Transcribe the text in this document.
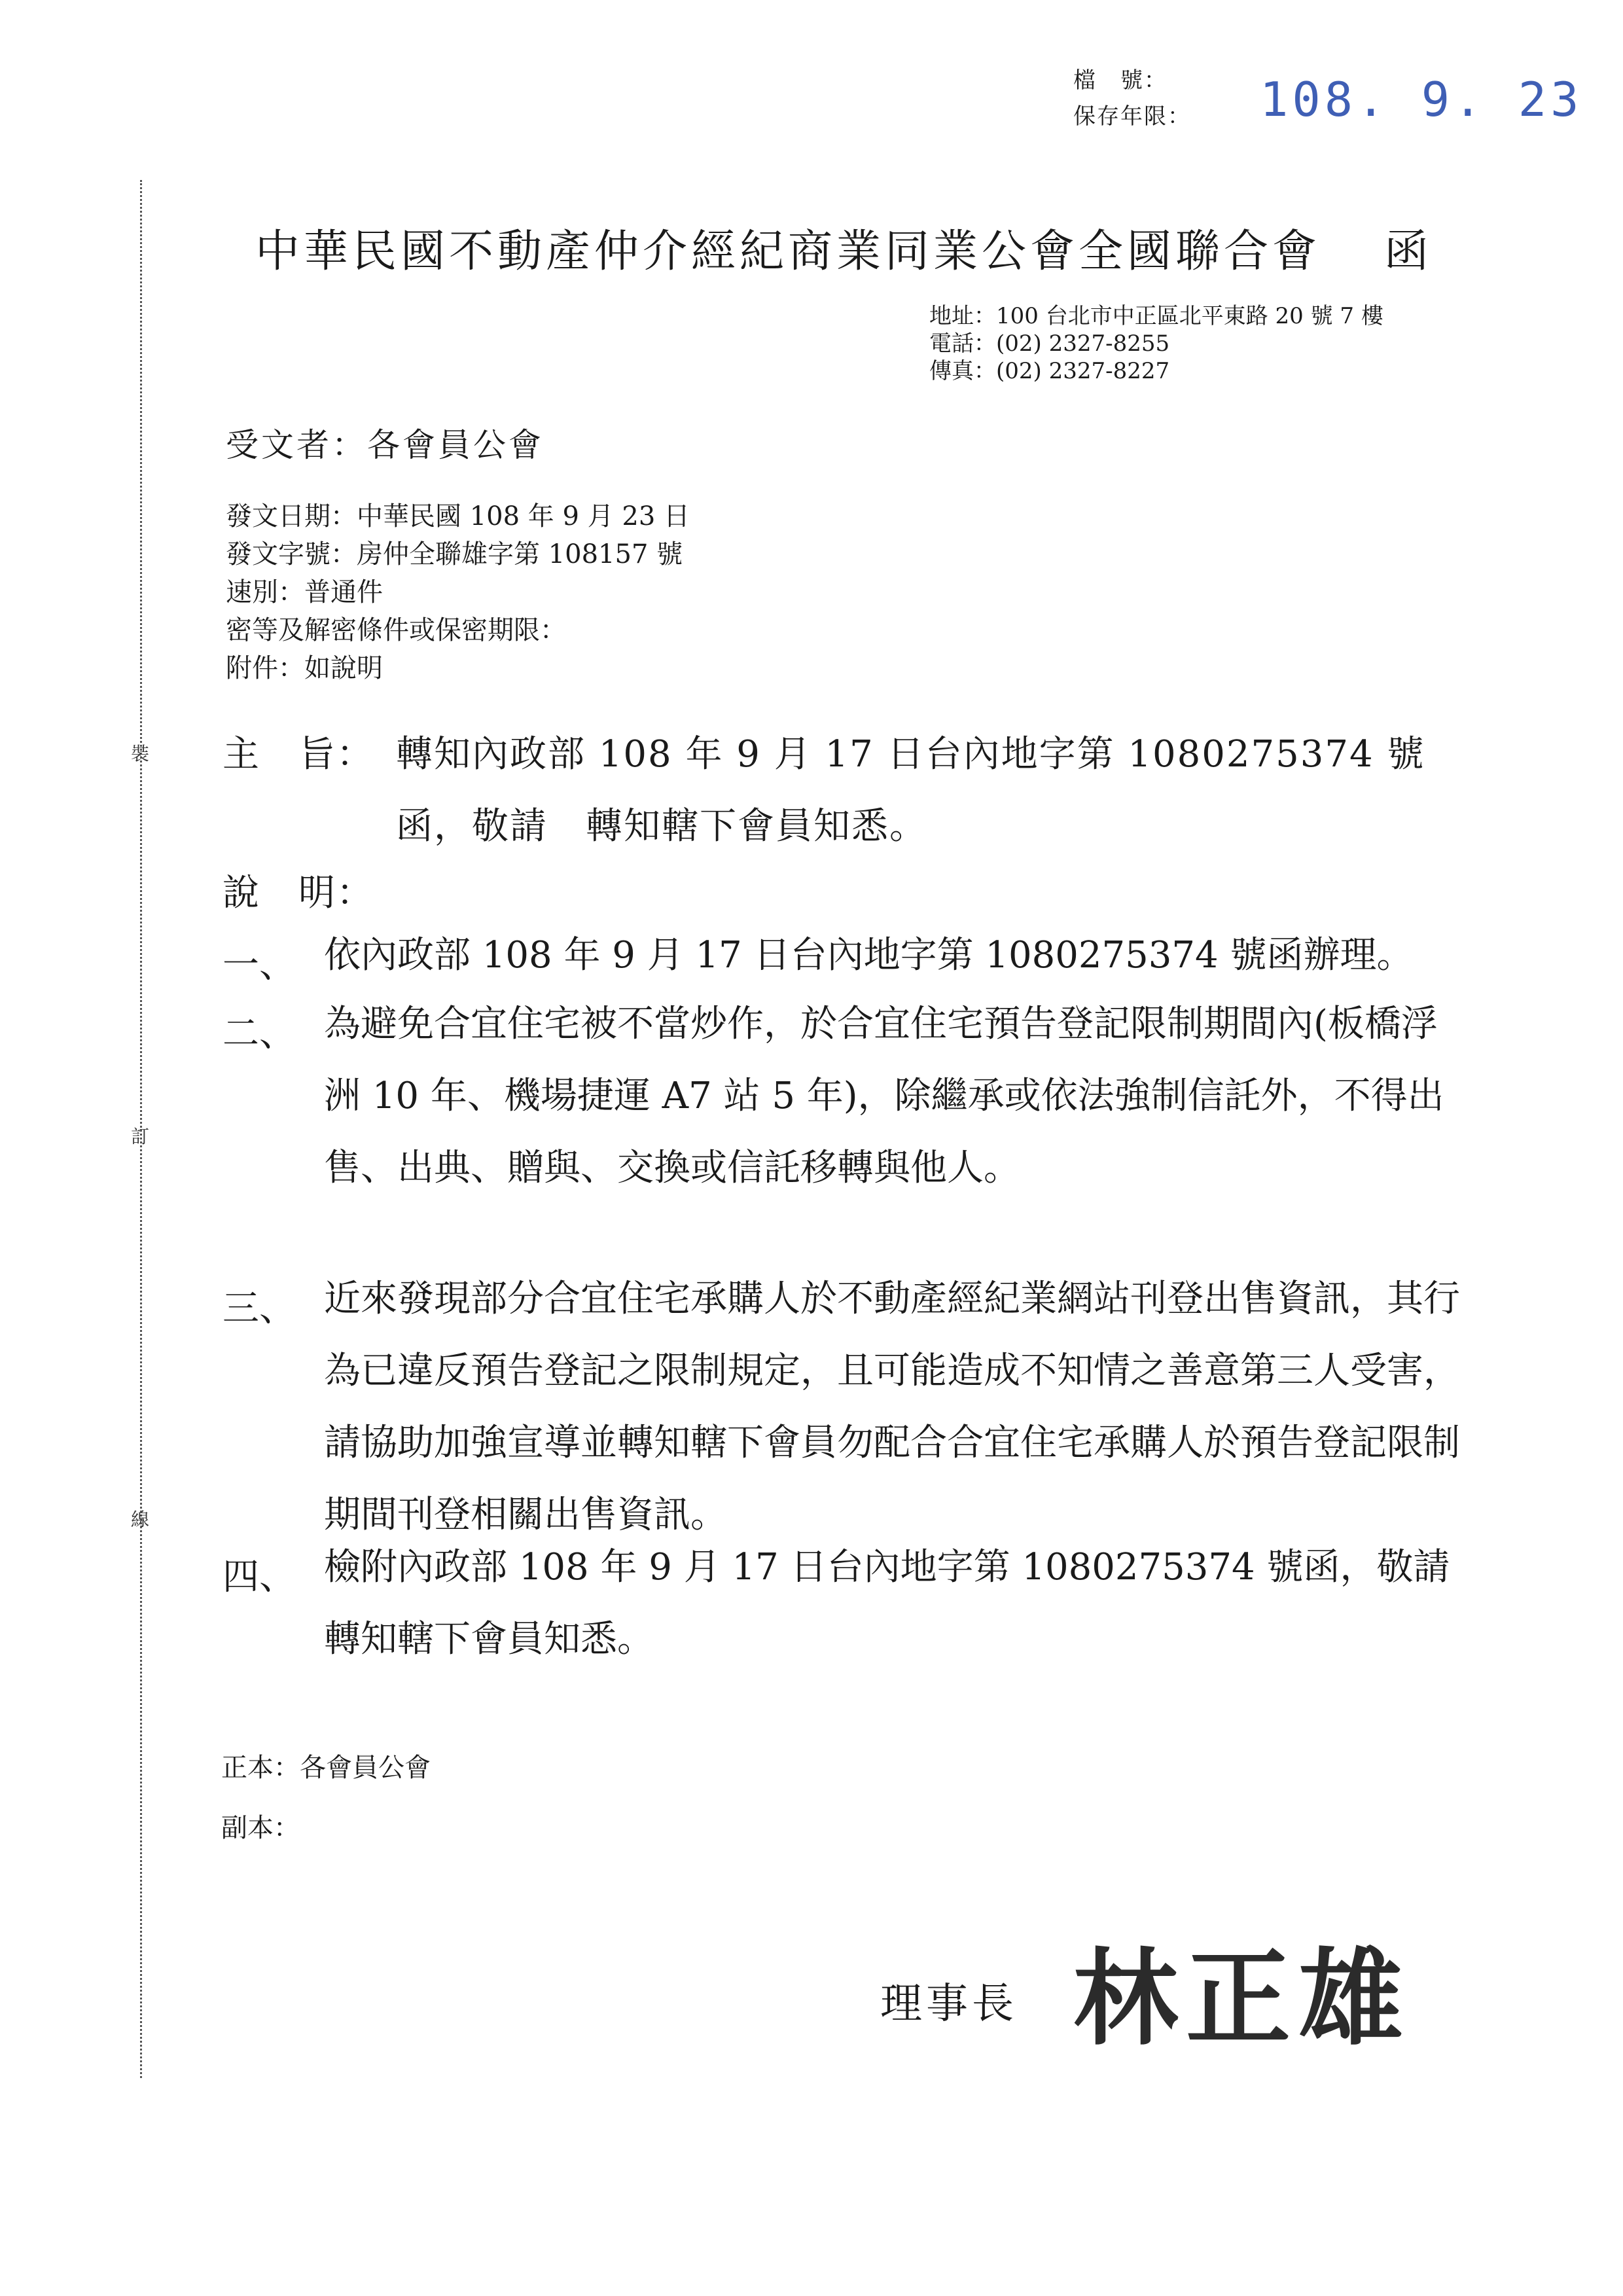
檔　號：
保存年限： 108. 9. 23
裝
訂
線
中華民國不動產仲介經紀商業同業公會全國聯合會 函
地址：100 台北市中正區北平東路 20 號 7 樓
電話：(02) 2327-8255
傳真：(02) 2327-8227
受文者：各會員公會
發文日期：中華民國 108 年 9 月 23 日
發文字號：房仲全聯雄字第 108157 號
速別：普通件
密等及解密條件或保密期限：
附件：如說明
主　旨： 轉知內政部 108 年 9 月 17 日台內地字第 1080275374 號
函，敬請　轉知轄下會員知悉。
說　明：
一、 依內政部 108 年 9 月 17 日台內地字第 1080275374 號函辦理。
二、 為避免合宜住宅被不當炒作，於合宜住宅預告登記限制期間內(板橋浮洲 10 年、機場捷運 A7 站 5 年)，除繼承或依法強制信託外，不得出售、出典、贈與、交換或信託移轉與他人。
三、 近來發現部分合宜住宅承購人於不動產經紀業網站刊登出售資訊，其行為已違反預告登記之限制規定，且可能造成不知情之善意第三人受害，請協助加強宣導並轉知轄下會員勿配合合宜住宅承購人於預告登記限制期間刊登相關出售資訊。
四、 檢附內政部 108 年 9 月 17 日台內地字第 1080275374 號函，敬請　轉知轄下會員知悉。
正本：各會員公會
副本：
理事長 林正雄
